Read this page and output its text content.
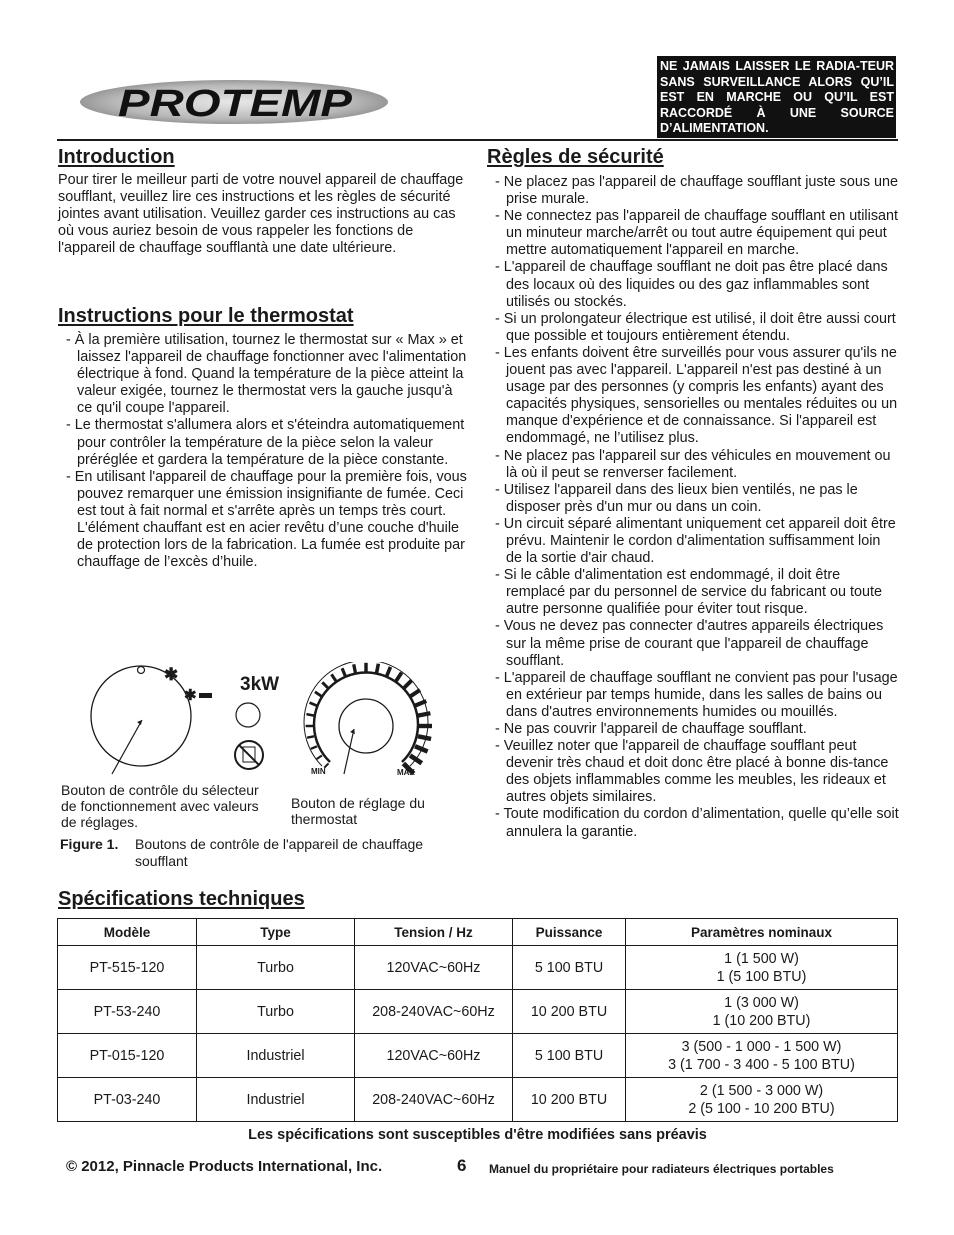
PROTEMP
NE JAMAIS LAISSER LE RADIA-TEUR SANS SURVEILLANCE ALORS QU’IL EST EN MARCHE OU QU’IL EST RACCORDÉ À UNE SOURCE D’ALIMENTATION.
Introduction
Pour tirer le meilleur parti de votre nouvel appareil de chauffage soufflant, veuillez lire ces instructions et les règles de sécurité jointes avant utilisation. Veuillez garder ces instructions au cas où vous auriez besoin de vous rappeler les fonctions de l'appareil de chauffage soufflantà une date ultérieure.
Instructions pour le thermostat
- À la première utilisation, tournez le thermostat sur « Max » et laissez l'appareil de chauffage fonctionner avec l'alimentation électrique à fond. Quand la température de la pièce atteint la valeur exigée, tournez le thermostat vers la gauche jusqu'à ce qu'il coupe l'appareil.
- Le thermostat s'allumera alors et s'éteindra automatiquement pour contrôler la température de la pièce selon la valeur préréglée et gardera la température de la pièce constante.
- En utilisant l'appareil de chauffage pour la première fois, vous pouvez remarquer une émission insignifiante de fumée. Ceci est tout à fait normal et s'arrête après un temps très court. L'élément chauffant est en acier revêtu d’une couche d'huile de protection lors de la fabrication. La fumée est produite par chauffage de l’excès d’huile.
✱
✱
3kW
MIN	MAX
Bouton de contrôle du sélecteur de fonctionnement avec valeurs de réglages.
Bouton de réglage du thermostat
Figure 1.	Boutons de contrôle de l'appareil de chauffage soufflant
Règles de sécurité
- Ne placez pas l'appareil de chauffage soufflant juste sous une prise murale.
- Ne connectez pas l'appareil de chauffage soufflant en utilisant un minuteur marche/arrêt ou tout autre équipement qui peut mettre automatiquement l'appareil en marche.
- L'appareil de chauffage soufflant ne doit pas être placé dans des locaux où des liquides ou des gaz inflammables sont utilisés ou stockés.
- Si un prolongateur électrique est utilisé, il doit être aussi court que possible et toujours entièrement étendu.
- Les enfants doivent être surveillés pour vous assurer qu'ils ne jouent pas avec l'appareil. L'appareil n'est pas destiné à un usage par des personnes (y compris les enfants) ayant des capacités physiques, sensorielles ou mentales réduites ou un manque d'expérience et de connaissance. Si l'appareil est endommagé, ne l’utilisez plus.
- Ne placez pas l'appareil sur des véhicules en mouvement ou là où il peut se renverser facilement.
- Utilisez l'appareil dans des lieux bien ventilés, ne pas le disposer près d'un mur ou dans un coin.
- Un circuit séparé alimentant uniquement cet appareil doit être prévu. Maintenir le cordon d'alimentation suffisamment loin de la sortie d'air chaud.
- Si le câble d'alimentation est endommagé, il doit être remplacé par du personnel de service du fabricant ou toute autre personne qualifiée pour éviter tout risque.
- Vous ne devez pas connecter d'autres appareils électriques sur la même prise de courant que l'appareil de chauffage soufflant.
- L'appareil de chauffage soufflant ne convient pas pour l'usage en extérieur par temps humide, dans les salles de bains ou dans d'autres environnements humides ou mouillés.
- Ne pas couvrir l'appareil de chauffage soufflant.
- Veuillez noter que l'appareil de chauffage soufflant peut devenir très chaud et doit donc être placé à bonne dis-tance des objets inflammables comme les meubles, les rideaux et autres objets similaires.
- Toute modification du cordon d’alimentation, quelle qu’elle soit annulera la garantie.
Spécifications techniques
Modèle	Type	Tension / Hz	Puissance	Paramètres nominaux
PT-515-120	Turbo	120VAC~60Hz	5 100 BTU	1 (1 500 W)
1 (5 100 BTU)

PT-53-240	Turbo	208-240VAC~60Hz	10 200 BTU	1 (3 000 W)
1 (10 200 BTU)

PT-015-120	Industriel	120VAC~60Hz	5 100 BTU	3 (500 - 1 000 - 1 500 W)
3 (1 700 - 3 400 - 5 100 BTU)

PT-03-240	Industriel	208-240VAC~60Hz	10 200 BTU	2 (1 500 - 3 000 W)
2 (5 100 - 10 200 BTU)
Les spécifications sont susceptibles d'être modifiées sans préavis
© 2012, Pinnacle Products International, Inc.	6 Manuel du propriétaire pour radiateurs électriques portables
